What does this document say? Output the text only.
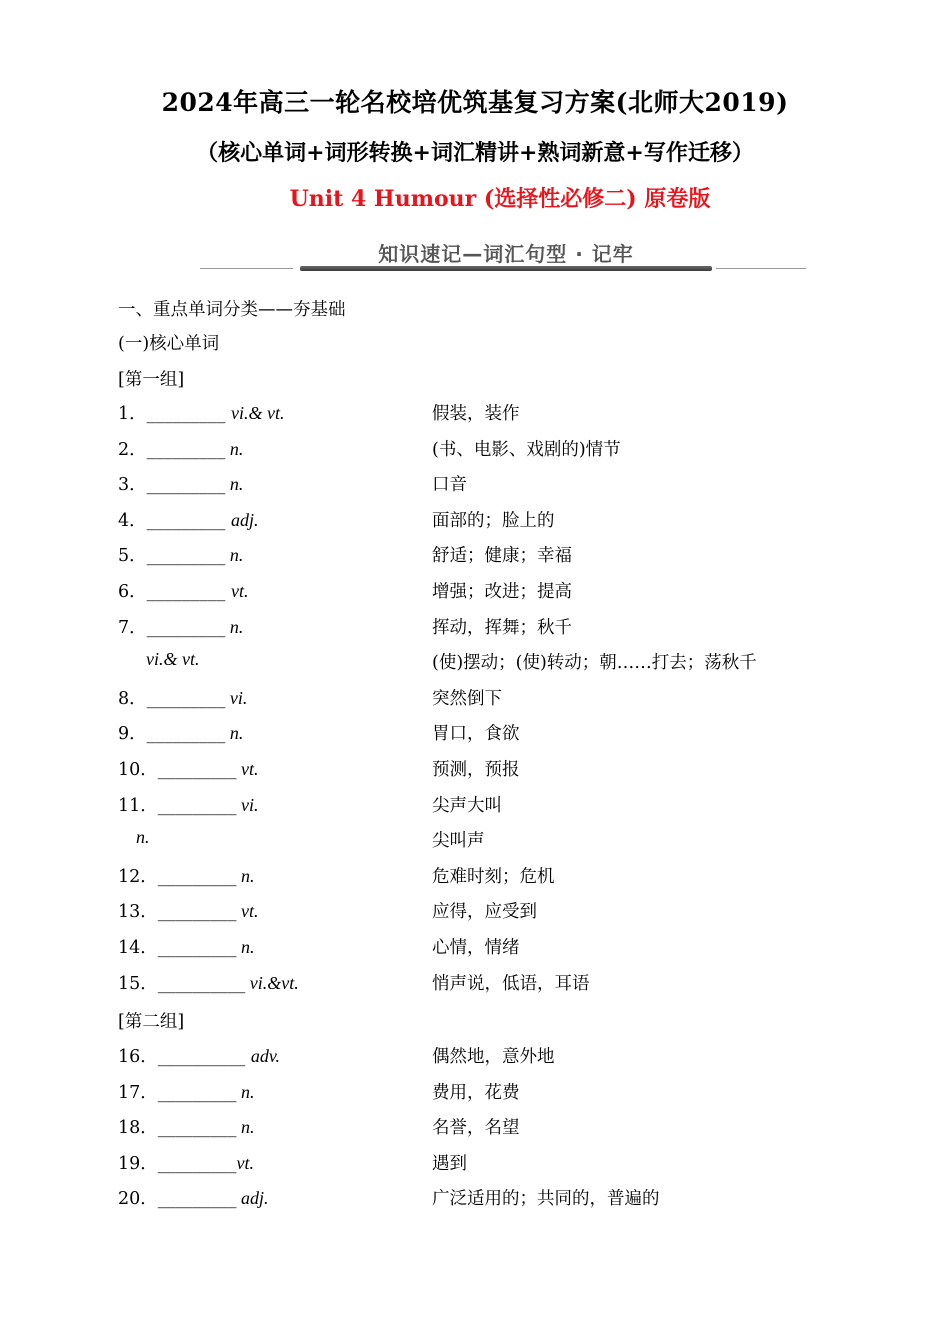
2024年高三一轮名校培优筑基复习方案(北师大2019)
（核心单词+词形转换+词汇精讲+熟词新意+写作迁移）
Unit 4 Humour (选择性必修二) 原卷版
知识速记—词汇句型 · 记牢
一、重点单词分类——夯基础
(一)核心单词
[第一组]
1．_________ vi.& vt.	假装，装作
2．_________ n.	(书、电影、戏剧的)情节
3．_________ n.	口音
4．_________ adj.	面部的；脸上的
5．_________ n.	舒适；健康；幸福
6．_________ vt.	增强；改进；提高
7．_________ n.	挥动，挥舞；秋千
vi.& vt.	(使)摆动；(使)转动；朝……打去；荡秋千
8．_________ vi.	突然倒下
9．_________ n.	胃口，食欲
10．_________ vt.	预测，预报
11．_________ vi.	尖声大叫
n.	尖叫声
12．_________ n.	危难时刻；危机
13．_________ vt.	应得，应受到
14．_________ n.	心情，情绪
15．__________ vi.&vt.	悄声说，低语，耳语
[第二组]
16．__________ adv.	偶然地，意外地
17．_________ n.	费用，花费
18．_________ n.	名誉，名望
19．_________vt.	遇到
20．_________ adj.	广泛适用的；共同的，普遍的
